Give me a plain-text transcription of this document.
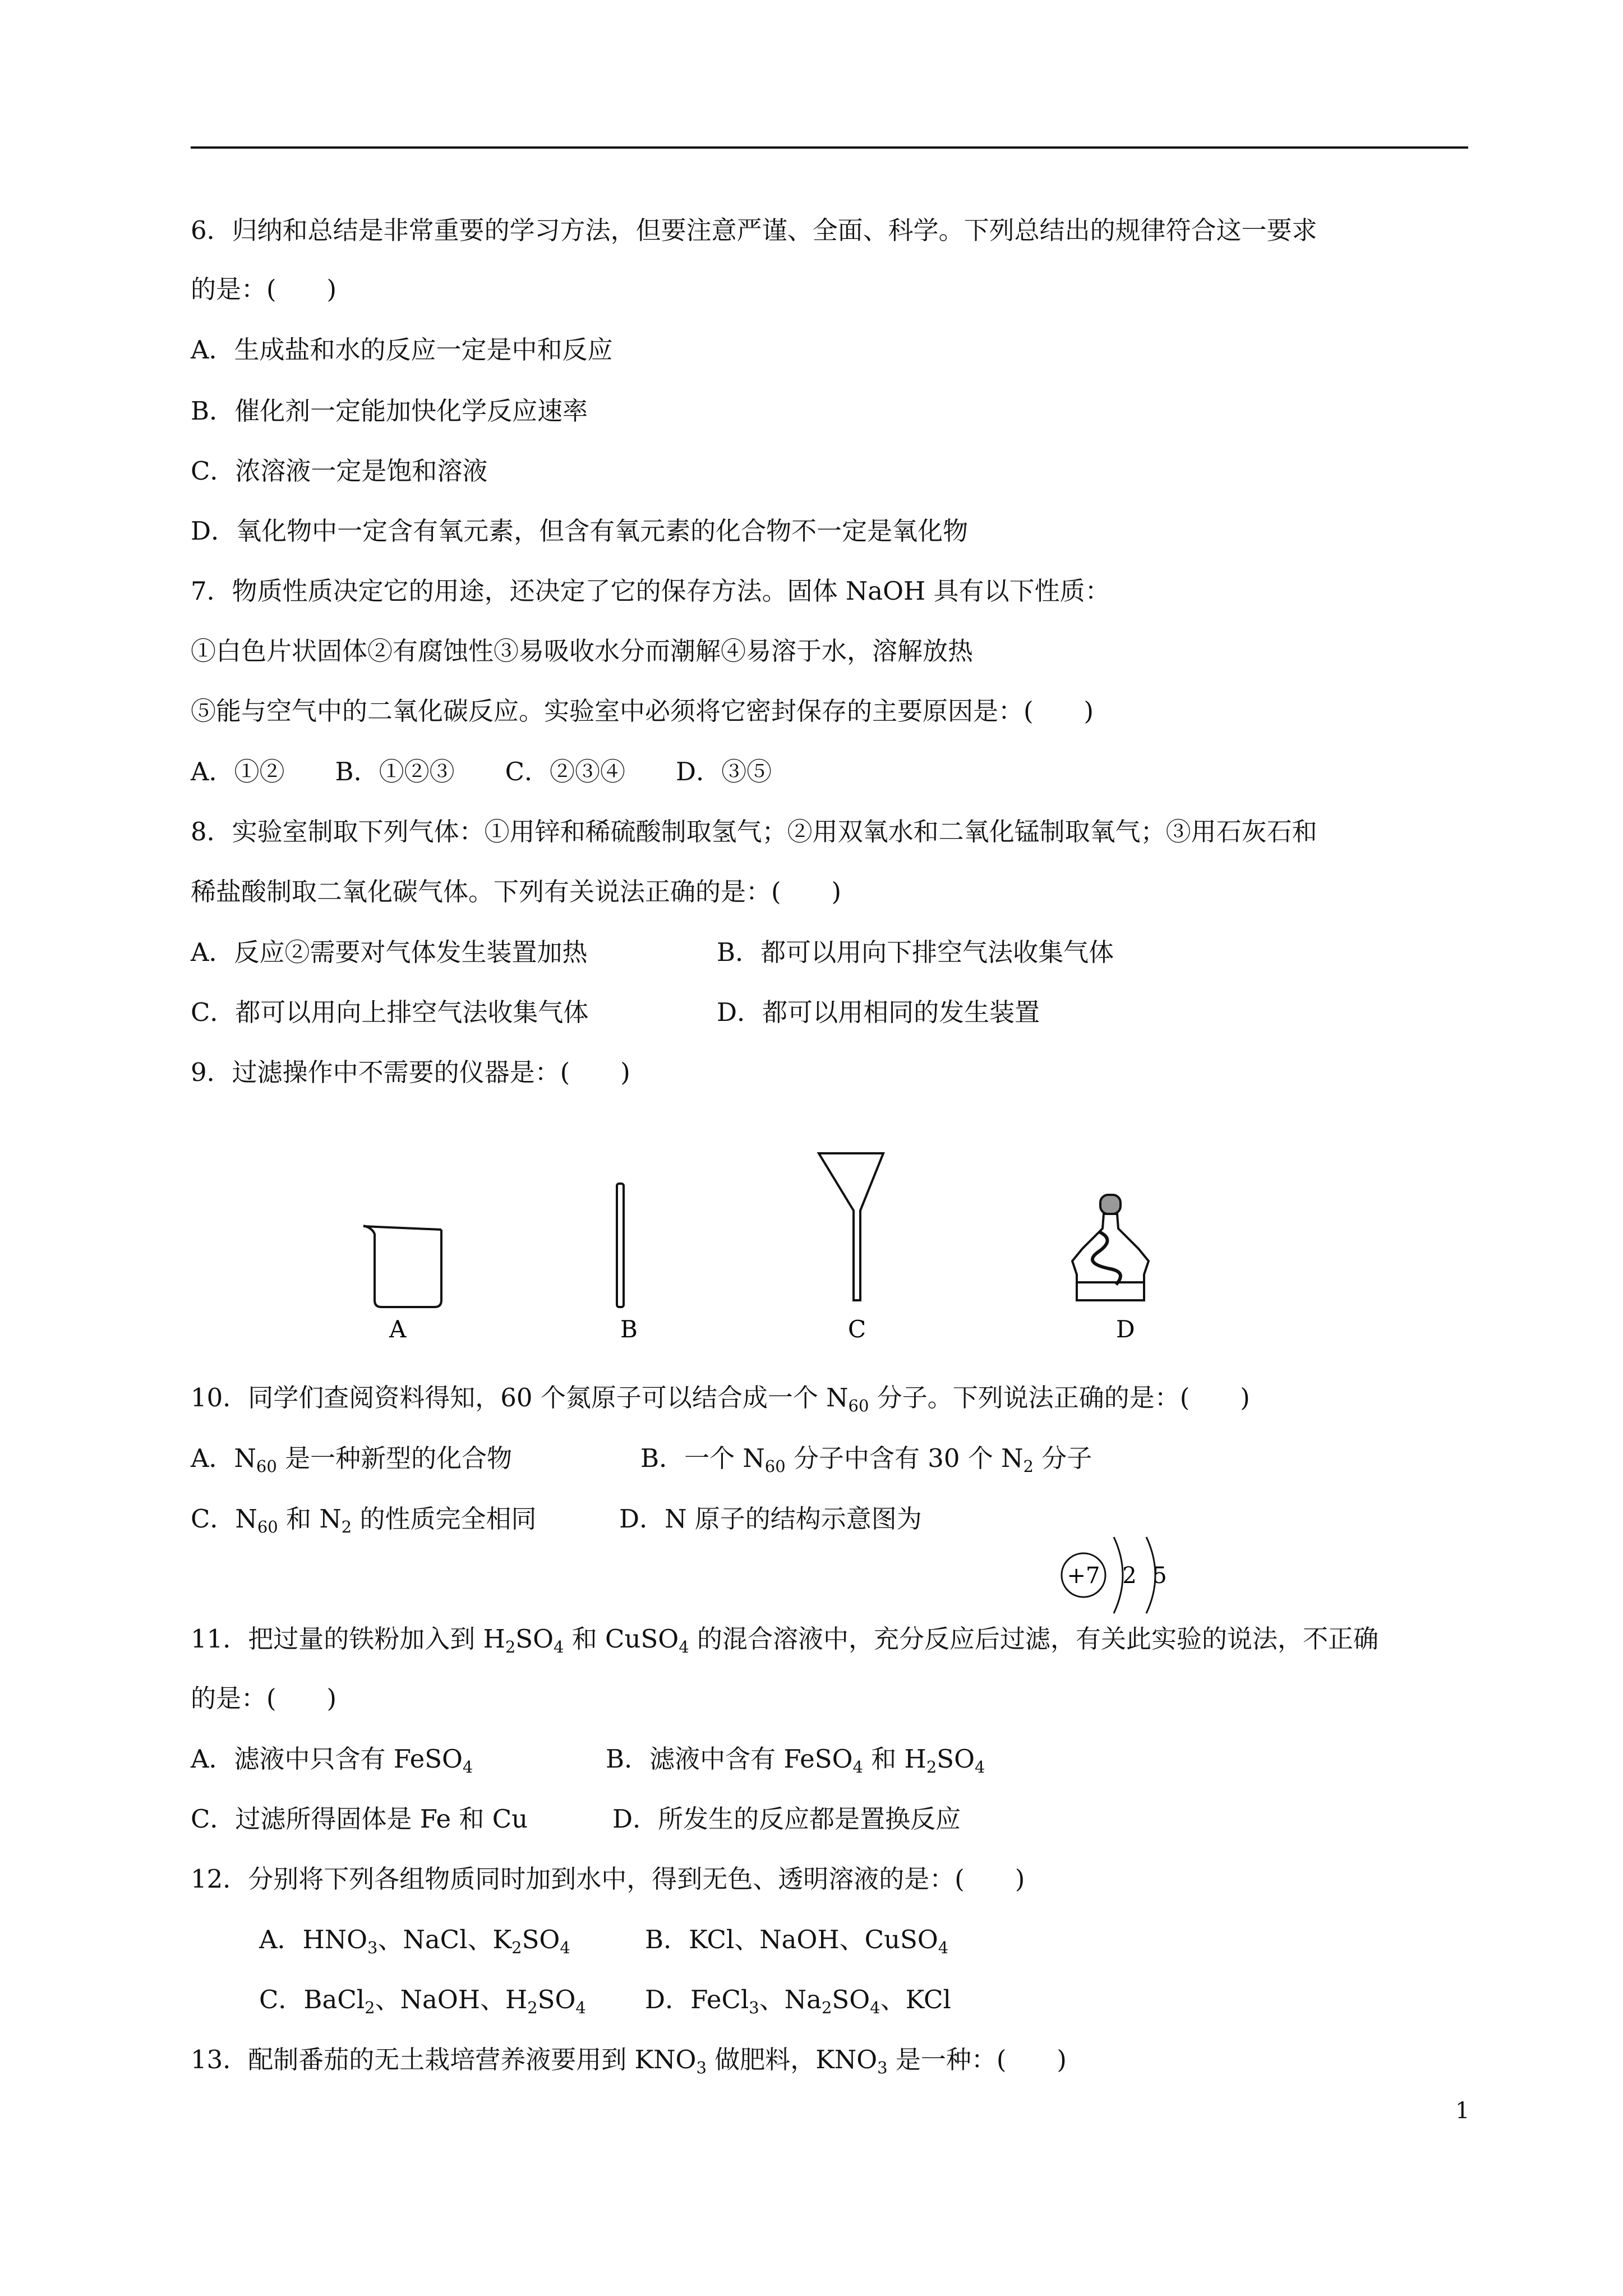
6．归纳和总结是非常重要的学习方法，但要注意严谨、全面、科学。下列总结出的规律符合这一要求
的是：(　　)
A．生成盐和水的反应一定是中和反应
B．催化剂一定能加快化学反应速率
C．浓溶液一定是饱和溶液
D．氧化物中一定含有氧元素，但含有氧元素的化合物不一定是氧化物
7．物质性质决定它的用途，还决定了它的保存方法。固体 NaOH 具有以下性质：
①白色片状固体②有腐蚀性③易吸收水分而潮解④易溶于水，溶解放热
⑤能与空气中的二氧化碳反应。实验室中必须将它密封保存的主要原因是：(　　)
A．①②　　B．①②③　　C．②③④　　D．③⑤
8．实验室制取下列气体：①用锌和稀硫酸制取氢气；②用双氧水和二氧化锰制取氧气；③用石灰石和
稀盐酸制取二氧化碳气体。下列有关说法正确的是：(　　)
A．反应②需要对气体发生装置加热	B．都可以用向下排空气法收集气体
C．都可以用向上排空气法收集气体	D．都可以用相同的发生装置
9．过滤操作中不需要的仪器是：(　　)
A	B	C	D
10．同学们查阅资料得知，60 个氮原子可以结合成一个 $N_{60}$ 分子。下列说法正确的是：(　　)
A．$N_{60}$ 是一种新型的化合物	B．一个 $N_{60}$ 分子中含有 30 个 $N_2$ 分子
C．$N_{60}$ 和 $N_2$ 的性质完全相同	D．N 原子的结构示意图为
+7 2 5
11．把过量的铁粉加入到 $H_2SO_4$ 和 CuSO$_4$ 的混合溶液中，充分反应后过滤，有关此实验的说法，不正确
的是：(　　)
A．滤液中只含有 FeSO$_4$	B．滤液中含有 FeSO$_4$ 和 $H_2SO_4$
C．过滤所得固体是 Fe 和 Cu	D．所发生的反应都是置换反应
12．分别将下列各组物质同时加到水中，得到无色、透明溶液的是：(　　)
A．$HNO_3$、NaCl、$K_2SO_4$	B．KCl、NaOH、CuSO$_4$
C．BaCl$_2$、NaOH、$H_2SO_4$ D．FeCl$_3$、$Na_2SO_4$、KCl
13．配制番茄的无土栽培营养液要用到 $KNO_3$ 做肥料，$KNO_3$ 是一种：(　　)
1
